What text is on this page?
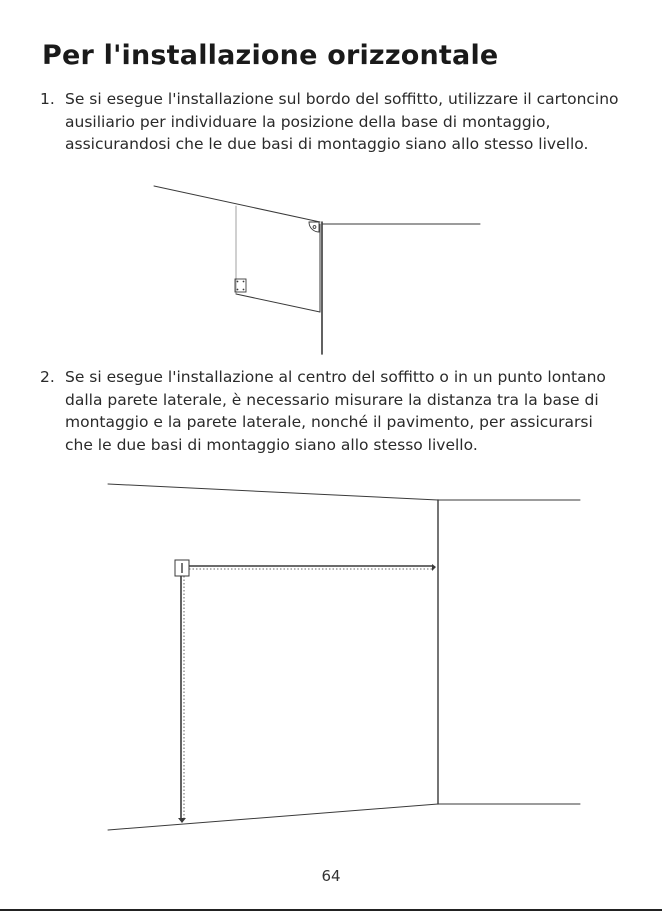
Per l'installazione orizzontale
1. Se si esegue l'installazione sul bordo del soffitto, utilizzare il cartoncino ausiliario per individuare la posizione della base di montaggio, assicurandosi che le due basi di montaggio siano allo stesso livello.
2. Se si esegue l'installazione al centro del soffitto o in un punto lontano dalla parete laterale, è necessario misurare la distanza tra la base di montaggio e la parete laterale, nonché il pavimento, per assicurarsi che le due basi di montaggio siano allo stesso livello.
64
